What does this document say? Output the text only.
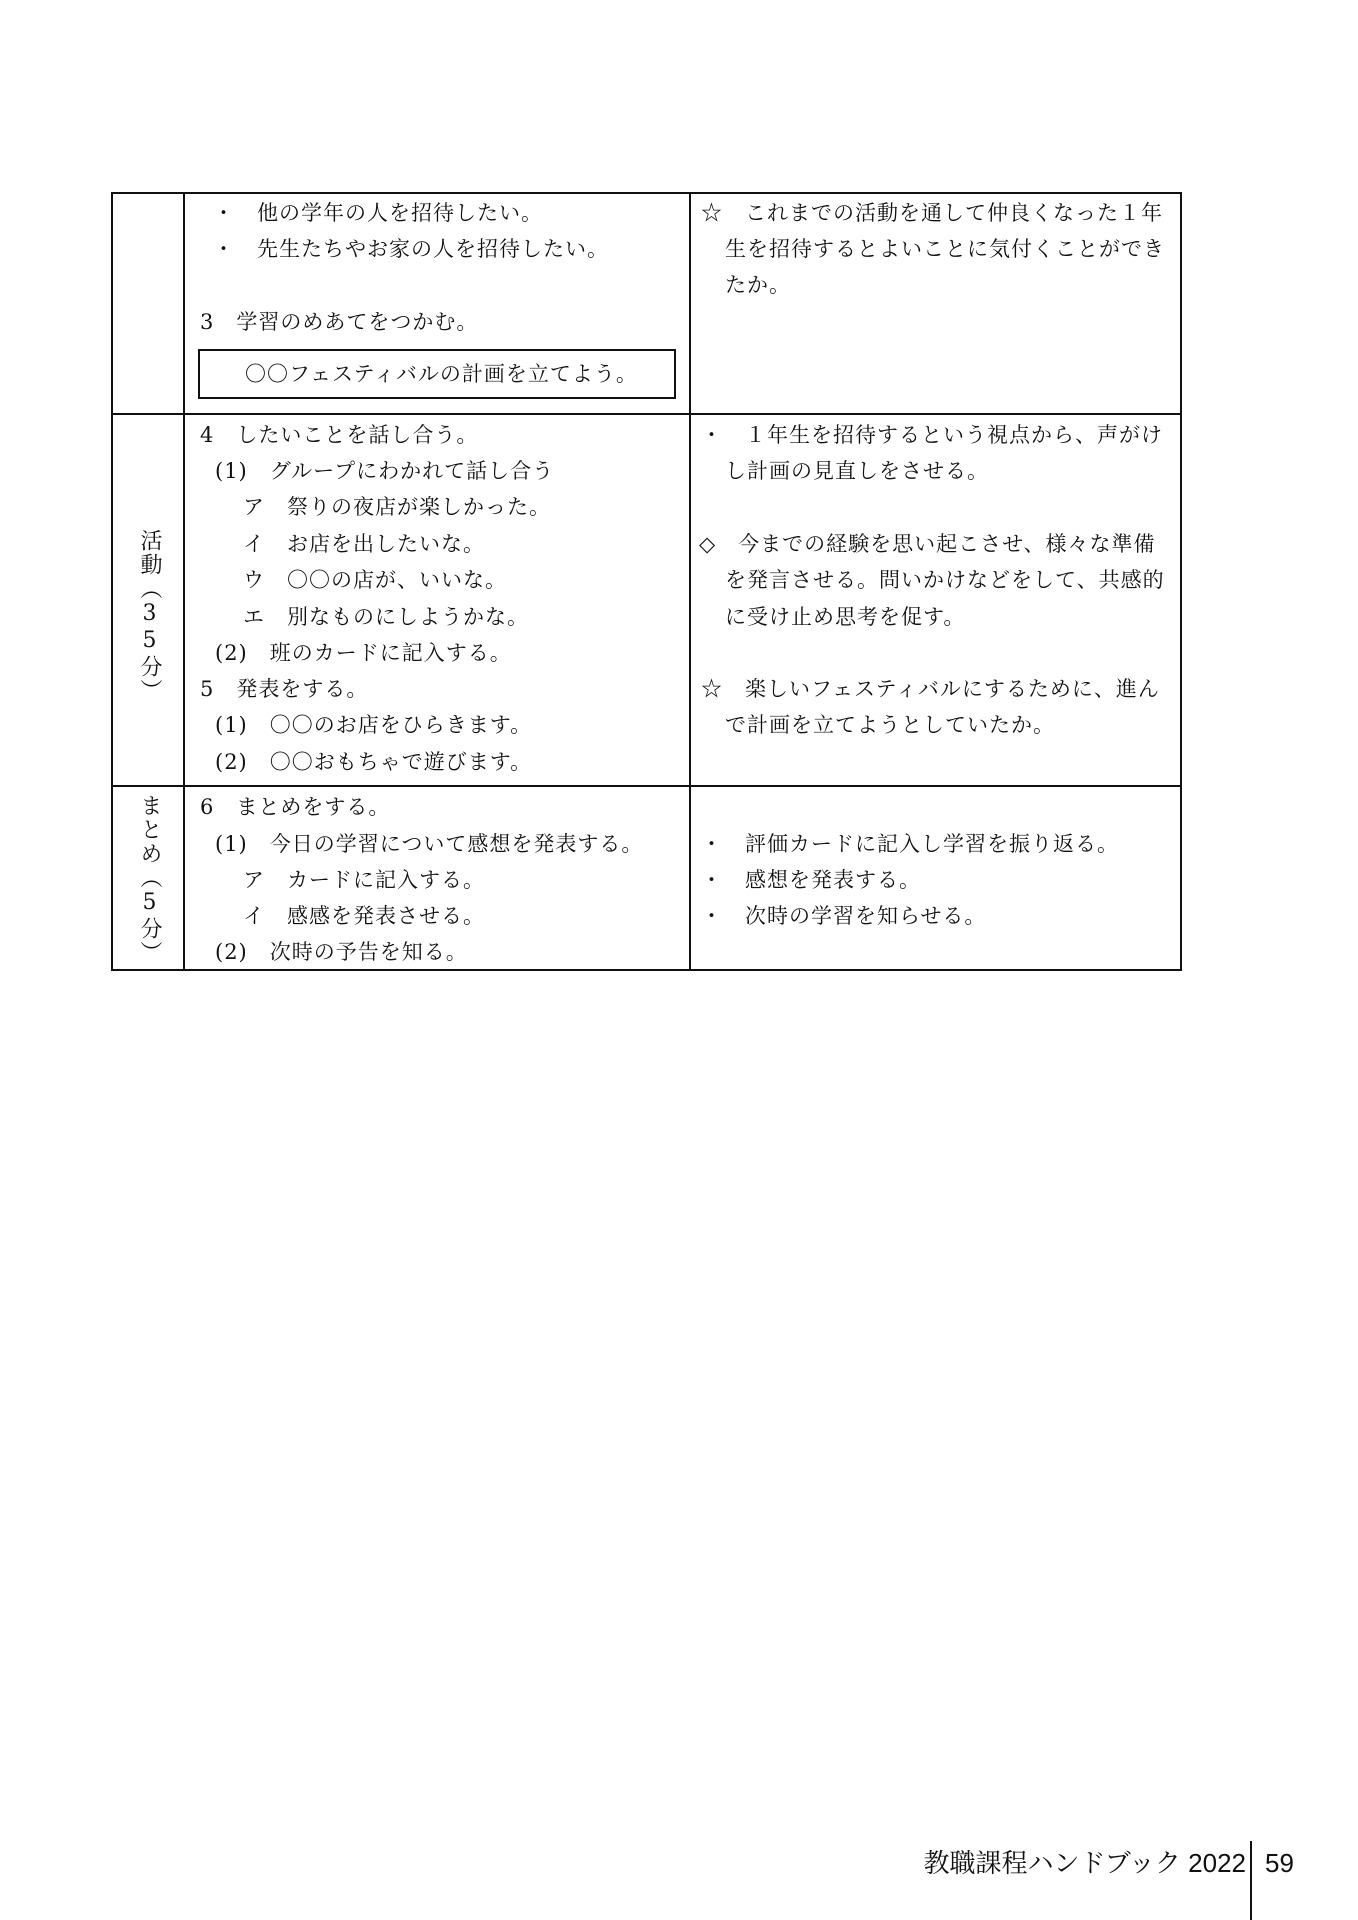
・　他の学年の人を招待したい。
・　先生たちやお家の人を招待したい。
3　学習のめあてをつかむ。
〇〇フェスティバルの計画を立てよう。
☆　これまでの活動を通して仲良くなった１年
生を招待するとよいことに気付くことができ
たか。
活動（35分）
4　したいことを話し合う。
(1)　グループにわかれて話し合う
ア　祭りの夜店が楽しかった。
イ　お店を出したいな。
ウ　〇〇の店が、いいな。
エ　別なものにしようかな。
(2)　班のカードに記入する。
5　発表をする。
(1)　〇〇のお店をひらきます。
(2)　〇〇おもちゃで遊びます。
・　１年生を招待するという視点から、声がけ
し計画の見直しをさせる。
◇　今までの経験を思い起こさせ、様々な準備
を発言させる。問いかけなどをして、共感的
に受け止め思考を促す。
☆　楽しいフェスティバルにするために、進ん
で計画を立てようとしていたか。
まとめ（5分） 6　まとめをする。
(1)　今日の学習について感想を発表する。
ア　カードに記入する。
イ　感感を発表させる。
(2)　次時の予告を知る。
・　評価カードに記入し学習を振り返る。
・　感想を発表する。
・　次時の学習を知らせる。
教職課程ハンドブック 2022 59
